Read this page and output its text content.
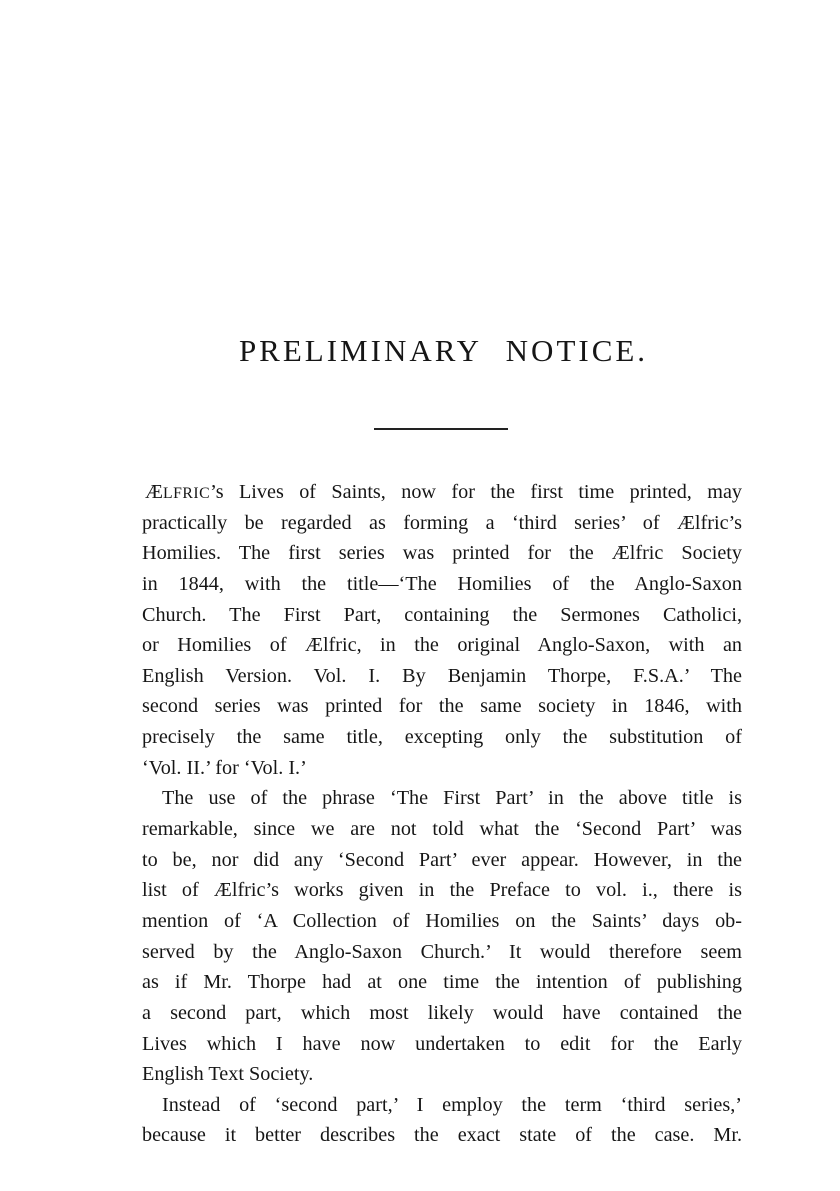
PRELIMINARY NOTICE.
ÆLFRIC’s Lives of Saints, now for the first time printed, may
practically be regarded as forming a ‘third series’ of Ælfric’s
Homilies. The first series was printed for the Ælfric Society
in 1844, with the title—‘The Homilies of the Anglo-Saxon
Church. The First Part, containing the Sermones Catholici,
or Homilies of Ælfric, in the original Anglo-Saxon, with an
English Version. Vol. I. By Benjamin Thorpe, F.S.A.’ The
second series was printed for the same society in 1846, with
precisely the same title, excepting only the substitution of
‘Vol. II.’ for ‘Vol. I.’
The use of the phrase ‘The First Part’ in the above title is
remarkable, since we are not told what the ‘Second Part’ was
to be, nor did any ‘Second Part’ ever appear. However, in the
list of Ælfric’s works given in the Preface to vol. i., there is
mention of ‘A Collection of Homilies on the Saints’ days ob-
served by the Anglo-Saxon Church.’ It would therefore seem
as if Mr. Thorpe had at one time the intention of publishing
a second part, which most likely would have contained the
Lives which I have now undertaken to edit for the Early
English Text Society.
Instead of ‘second part,’ I employ the term ‘third series,’
because it better describes the exact state of the case. Mr.
